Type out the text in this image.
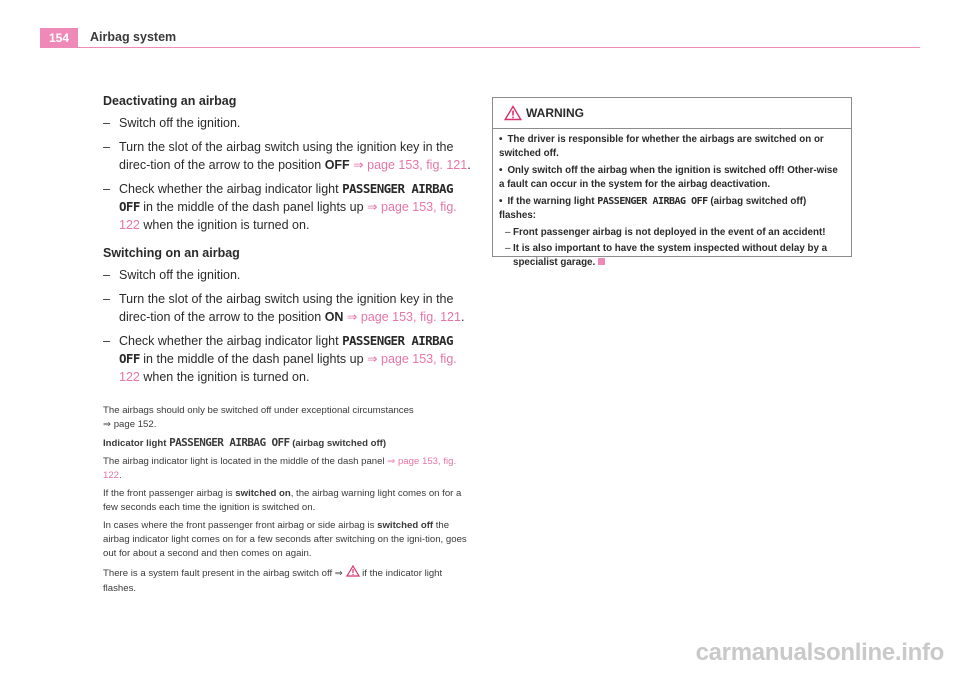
154	Airbag system
Deactivating an airbag
– Switch off the ignition.
– Turn the slot of the airbag switch using the ignition key in the direc-tion of the arrow to the position OFF ⇒ page 153, fig. 121.
– Check whether the airbag indicator light PASSENGER AIRBAG OFF in the middle of the dash panel lights up ⇒ page 153, fig. 122 when the ignition is turned on.
Switching on an airbag
– Switch off the ignition.
– Turn the slot of the airbag switch using the ignition key in the direc-tion of the arrow to the position ON ⇒ page 153, fig. 121.
– Check whether the airbag indicator light PASSENGER AIRBAG OFF in the middle of the dash panel lights up ⇒ page 153, fig. 122 when the ignition is turned on.

The airbags should only be switched off under exceptional circumstances
⇒ page 152.

Indicator light PASSENGER AIRBAG OFF (airbag switched off)

The airbag indicator light is located in the middle of the dash panel ⇒ page 153, fig. 122.

If the front passenger airbag is switched on, the airbag warning light comes on for a few seconds each time the ignition is switched on.

In cases where the front passenger front airbag or side airbag is switched off the airbag indicator light comes on for a few seconds after switching on the igni-tion, goes out for about a second and then comes on again.

There is a system fault present in the airbag switch off ⇒ if the indicator light flashes.

WARNING

• The driver is responsible for whether the airbags are switched on or switched off.

• Only switch off the airbag when the ignition is switched off! Other-wise a fault can occur in the system for the airbag deactivation.

• If the warning light PASSENGER AIRBAG OFF (airbag switched off) flashes:

– Front passenger airbag is not deployed in the event of an accident!

– It is also important to have the system inspected without delay by a specialist garage.

carmanualsonline.info
